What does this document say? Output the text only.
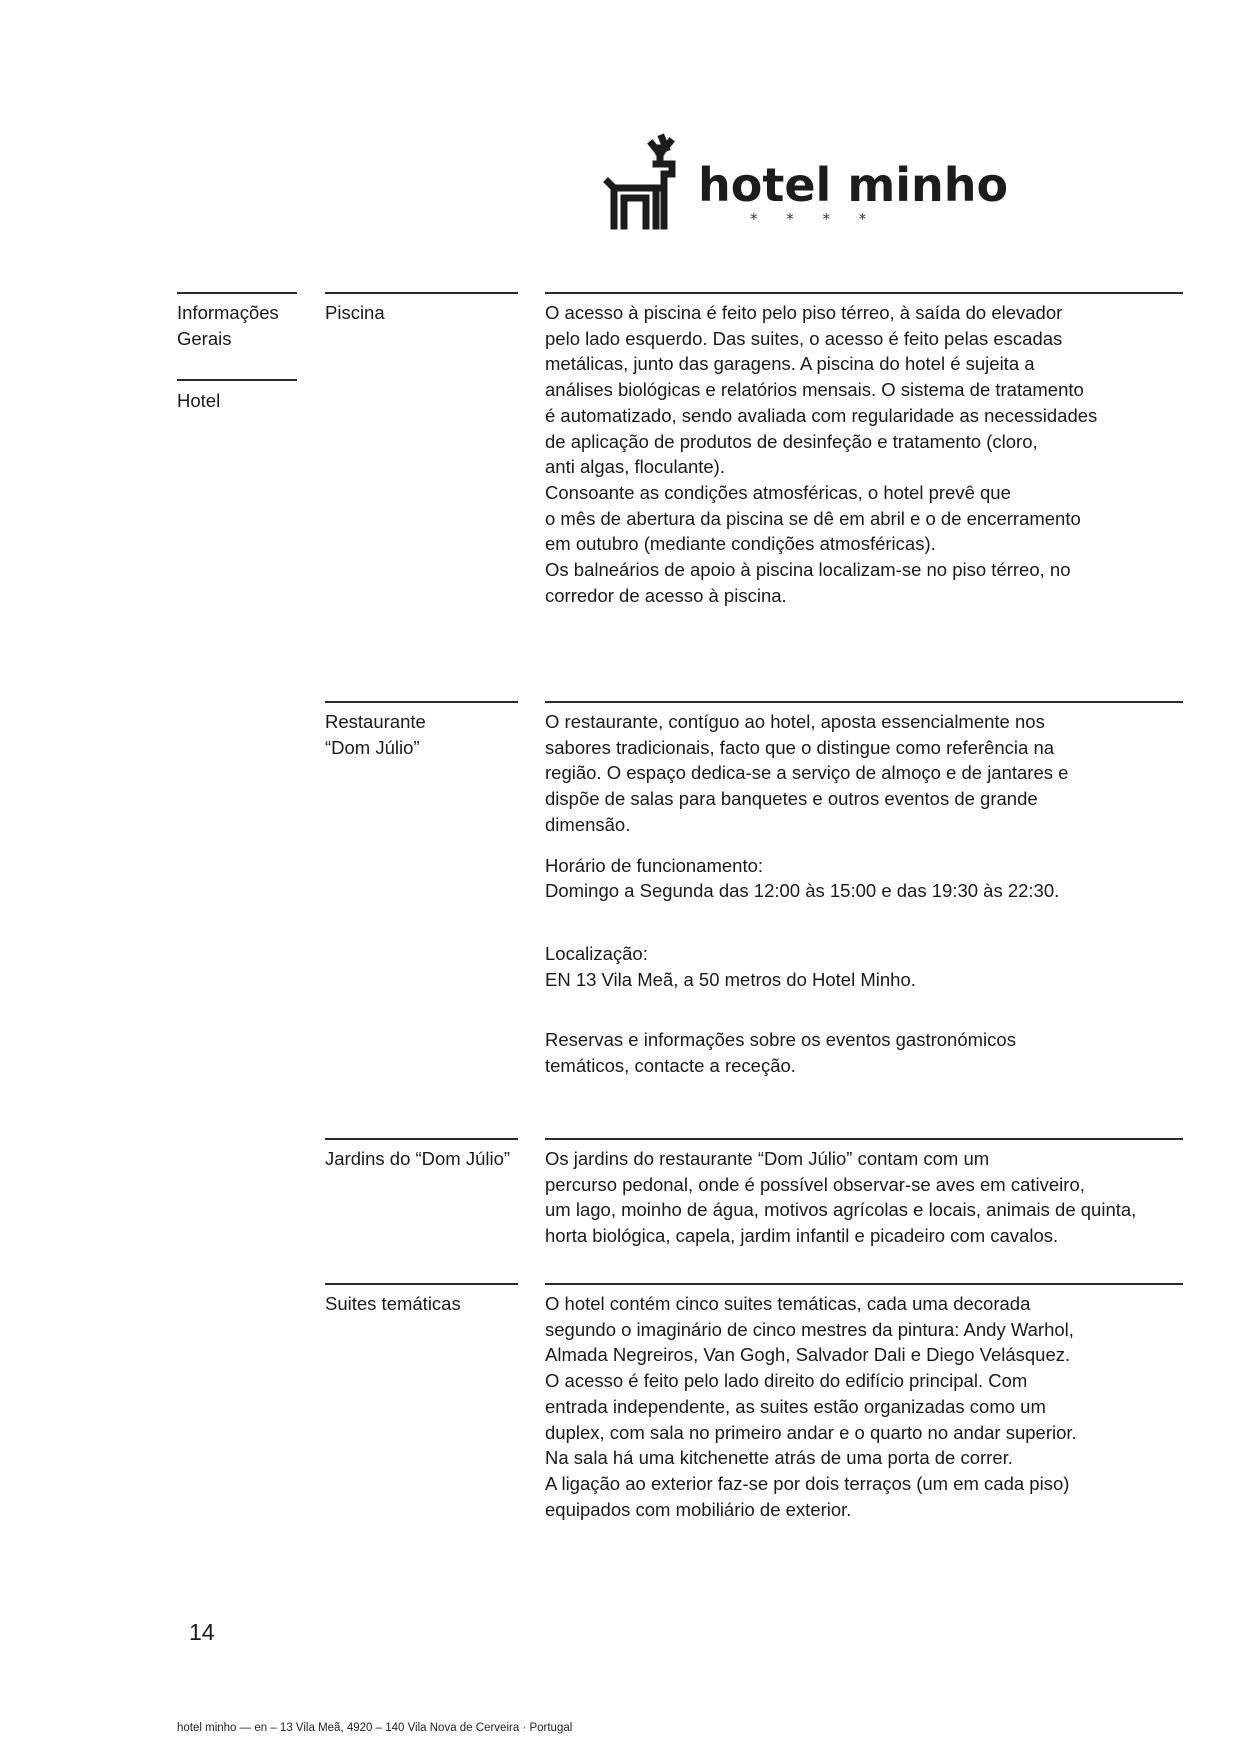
hotel minho
* * * *
Informações
Gerais
Hotel
Piscina	O acesso à piscina é feito pelo piso térreo, à saída do elevador
pelo lado esquerdo. Das suites, o acesso é feito pelas escadas
metálicas, junto das garagens. A piscina do hotel é sujeita a
análises biológicas e relatórios mensais. O sistema de tratamento
é automatizado, sendo avaliada com regularidade as necessidades
de aplicação de produtos de desinfeção e tratamento (cloro,
anti algas, floculante).
Consoante as condições atmosféricas, o hotel prevê que
o mês de abertura da piscina se dê em abril e o de encerramento
em outubro (mediante condições atmosféricas).
Os balneários de apoio à piscina localizam-se no piso térreo, no
corredor de acesso à piscina.

Restaurante
“Dom Júlio”

O restaurante, contíguo ao hotel, aposta essencialmente nos
sabores tradicionais, facto que o distingue como referência na
região. O espaço dedica-se a serviço de almoço e de jantares e
dispõe de salas para banquetes e outros eventos de grande
dimensão.

Horário de funcionamento:
Domingo a Segunda das 12:00 às 15:00 e das 19:30 às 22:30.

Localização:
EN 13 Vila Meã, a 50 metros do Hotel Minho.

Reservas e informações sobre os eventos gastronómicos
temáticos, contacte a receção.

Jardins do “Dom Júlio” Os jardins do restaurante “Dom Júlio” contam com um
percurso pedonal, onde é possível observar-se aves em cativeiro,
um lago, moinho de água, motivos agrícolas e locais, animais de quinta,
horta biológica, capela, jardim infantil e picadeiro com cavalos.

Suites temáticas	O hotel contém cinco suites temáticas, cada uma decorada
segundo o imaginário de cinco mestres da pintura: Andy Warhol,
Almada Negreiros, Van Gogh, Salvador Dali e Diego Velásquez.
O acesso é feito pelo lado direito do edifício principal. Com
entrada independente, as suites estão organizadas como um
duplex, com sala no primeiro andar e o quarto no andar superior.
Na sala há uma kitchenette atrás de uma porta de correr.
A ligação ao exterior faz-se por dois terraços (um em cada piso)
equipados com mobiliário de exterior.

14
hotel minho — en – 13 Vila Meã, 4920 – 140 Vila Nova de Cerveira · Portugal
